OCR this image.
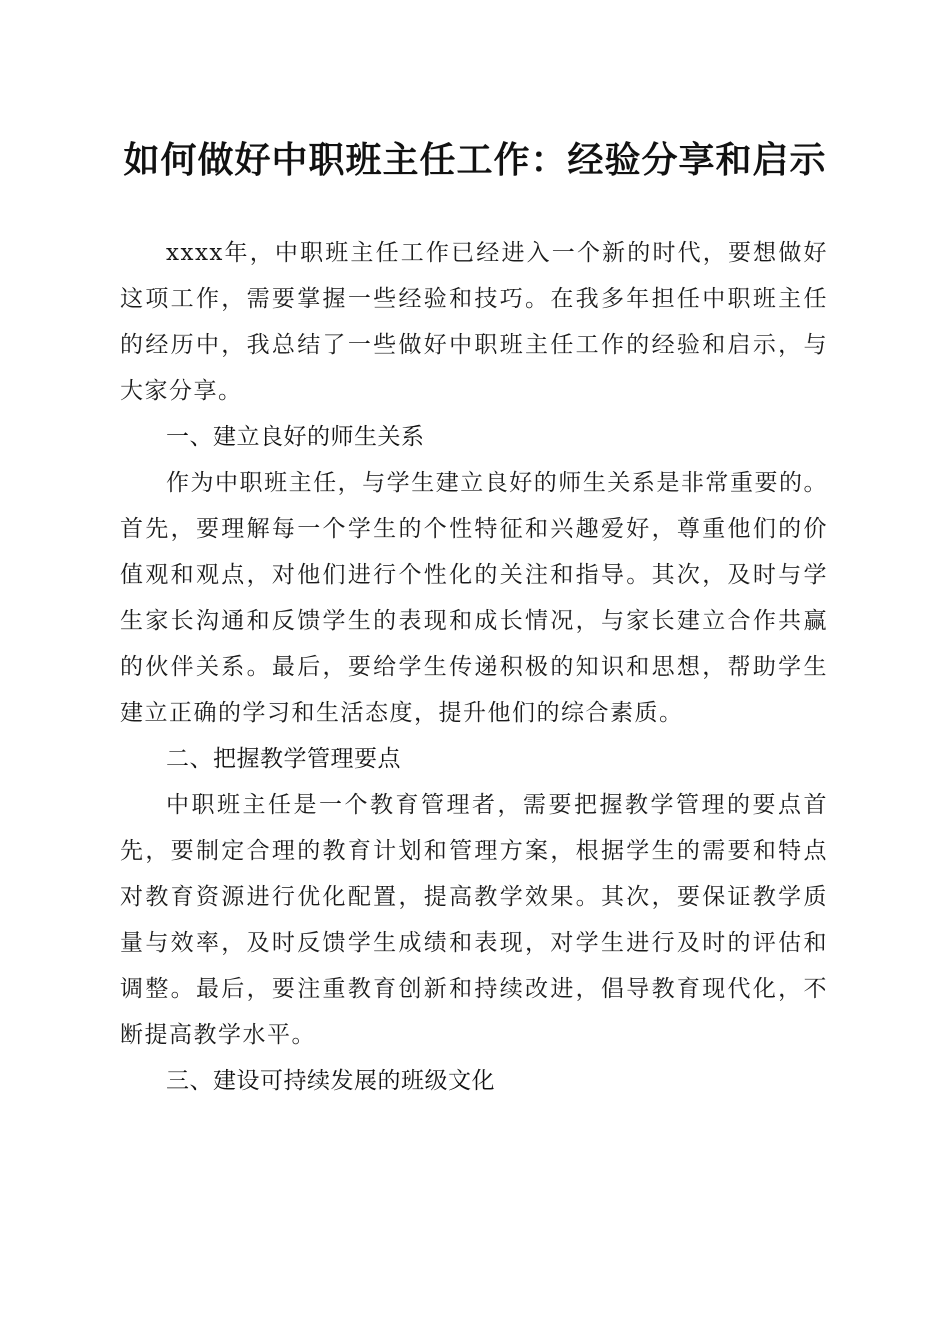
如何做好中职班主任工作：经验分享和启示

xxxx年，中职班主任工作已经进入一个新的时代，要想做好这项工作，需要掌握一些经验和技巧。在我多年担任中职班主任的经历中，我总结了一些做好中职班主任工作的经验和启示，与大家分享。

一、建立良好的师生关系

作为中职班主任，与学生建立良好的师生关系是非常重要的。首先，要理解每一个学生的个性特征和兴趣爱好，尊重他们的价值观和观点，对他们进行个性化的关注和指导。其次，及时与学生家长沟通和反馈学生的表现和成长情况，与家长建立合作共赢的伙伴关系。最后，要给学生传递积极的知识和思想，帮助学生建立正确的学习和生活态度，提升他们的综合素质。

二、把握教学管理要点

中职班主任是一个教育管理者，需要把握教学管理的要点首先，要制定合理的教育计划和管理方案，根据学生的需要和特点对教育资源进行优化配置，提高教学效果。其次，要保证教学质量与效率，及时反馈学生成绩和表现，对学生进行及时的评估和调整。最后，要注重教育创新和持续改进，倡导教育现代化，不断提高教学水平。

三、建设可持续发展的班级文化
